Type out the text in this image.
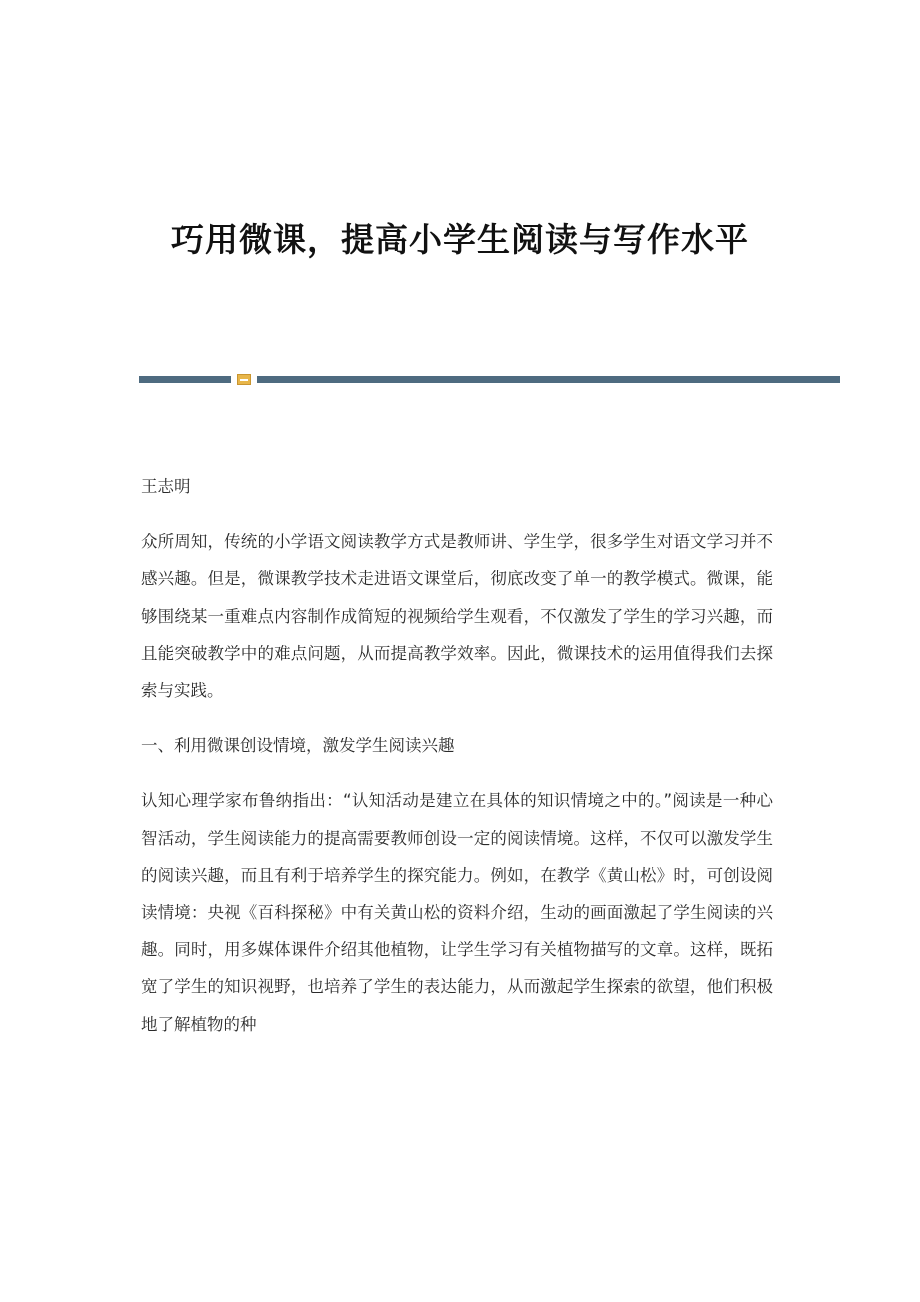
巧用微课，提高小学生阅读与写作水平

王志明

众所周知，传统的小学语文阅读教学方式是教师讲、学生学，很多学生对语文学习并不感兴趣。但是，微课教学技术走进语文课堂后，彻底改变了单一的教学模式。微课，能够围绕某一重难点内容制作成简短的视频给学生观看，不仅激发了学生的学习兴趣，而且能突破教学中的难点问题，从而提高教学效率。因此，微课技术的运用值得我们去探索与实践。

一、利用微课创设情境，激发学生阅读兴趣

认知心理学家布鲁纳指出：“认知活动是建立在具体的知识情境之中的。”阅读是一种心智活动，学生阅读能力的提高需要教师创设一定的阅读情境。这样，不仅可以激发学生的阅读兴趣，而且有利于培养学生的探究能力。例如，在教学《黄山松》时，可创设阅读情境：央视《百科探秘》中有关黄山松的资料介绍，生动的画面激起了学生阅读的兴趣。同时，用多媒体课件介绍其他植物，让学生学习有关植物描写的文章。这样，既拓宽了学生的知识视野，也培养了学生的表达能力，从而激起学生探索的欲望，他们积极地了解植物的种
